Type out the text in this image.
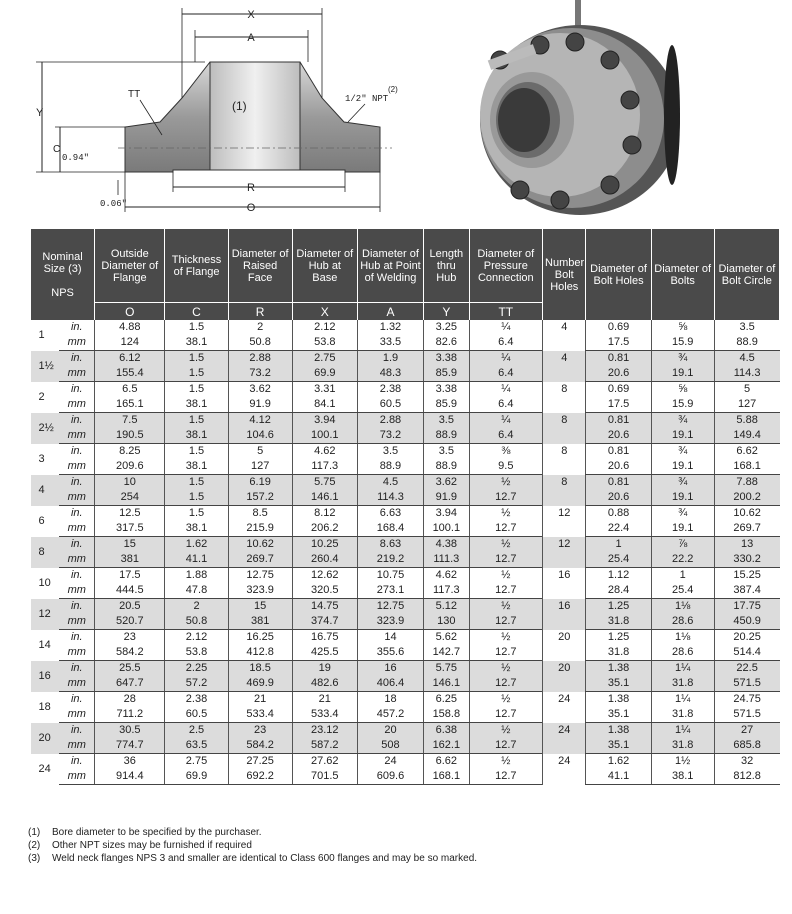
X
A
Y
C
0.94"
TT
(1)	1/2" NPT
(2)
R
O
0.06"
Nominal Size (3)

NPS		Outside Diameter of Flange	Thickness of Flange	Diameter of Raised Face	Diameter of Hub at Base	Diameter of Hub at Point of Welding	Length thru Hub	Diameter of Pressure Connection	Number Bolt Holes	Diameter of Bolt Holes	Diameter of Bolts	Diameter of Bolt Circle
		O	C	R	X	A	Y	TT				
1	in.	4.88	1.5	2	2.12	1.32	3.25	¼	4	0.69	⅝	3.5
	mm	124	38.1	50.8	53.8	33.5	82.6	6.4		17.5	15.9	88.9
1½	in.	6.12	1.5	2.88	2.75	1.9	3.38	¼	4	0.81	¾	4.5
	mm	155.4	1.5	73.2	69.9	48.3	85.9	6.4		20.6	19.1	114.3
2	in.	6.5	1.5	3.62	3.31	2.38	3.38	¼	8	0.69	⅝	5
	mm	165.1	38.1	91.9	84.1	60.5	85.9	6.4		17.5	15.9	127
2½	in.	7.5	1.5	4.12	3.94	2.88	3.5	¼	8	0.81	¾	5.88
	mm	190.5	38.1	104.6	100.1	73.2	88.9	6.4		20.6	19.1	149.4
3	in.	8.25	1.5	5	4.62	3.5	3.5	⅜	8	0.81	¾	6.62
	mm	209.6	38.1	127	117.3	88.9	88.9	9.5		20.6	19.1	168.1
4	in.	10	1.5	6.19	5.75	4.5	3.62	½	8	0.81	¾	7.88
	mm	254	1.5	157.2	146.1	114.3	91.9	12.7		20.6	19.1	200.2
6	in.	12.5	1.5	8.5	8.12	6.63	3.94	½	12	0.88	¾	10.62
	mm	317.5	38.1	215.9	206.2	168.4	100.1	12.7		22.4	19.1	269.7
8	in.	15	1.62	10.62	10.25	8.63	4.38	½	12	1	⅞	13
	mm	381	41.1	269.7	260.4	219.2	111.3	12.7		25.4	22.2	330.2
10	in.	17.5	1.88	12.75	12.62	10.75	4.62	½	16	1.12	1	15.25
	mm	444.5	47.8	323.9	320.5	273.1	117.3	12.7		28.4	25.4	387.4
12	in.	20.5	2	15	14.75	12.75	5.12	½	16	1.25	1⅛	17.75
	mm	520.7	50.8	381	374.7	323.9	130	12.7		31.8	28.6	450.9
14	in.	23	2.12	16.25	16.75	14	5.62	½	20	1.25	1⅛	20.25
	mm	584.2	53.8	412.8	425.5	355.6	142.7	12.7		31.8	28.6	514.4
16	in.	25.5	2.25	18.5	19	16	5.75	½	20	1.38	1¼	22.5
	mm	647.7	57.2	469.9	482.6	406.4	146.1	12.7		35.1	31.8	571.5
18	in.	28	2.38	21	21	18	6.25	½	24	1.38	1¼	24.75
	mm	711.2	60.5	533.4	533.4	457.2	158.8	12.7		35.1	31.8	571.5
20	in.	30.5	2.5	23	23.12	20	6.38	½	24	1.38	1¼	27
	mm	774.7	63.5	584.2	587.2	508	162.1	12.7		35.1	31.8	685.8
24	in.	36	2.75	27.25	27.62	24	6.62	½	24	1.62	1½	32
	mm	914.4	69.9	692.2	701.5	609.6	168.1	12.7		41.1	38.1	812.8
(1) Bore diameter to be specified by the purchaser.
(2) Other NPT sizes may be furnished if required
(3) Weld neck flanges NPS 3 and smaller are identical to Class 600 flanges and may be so marked.
